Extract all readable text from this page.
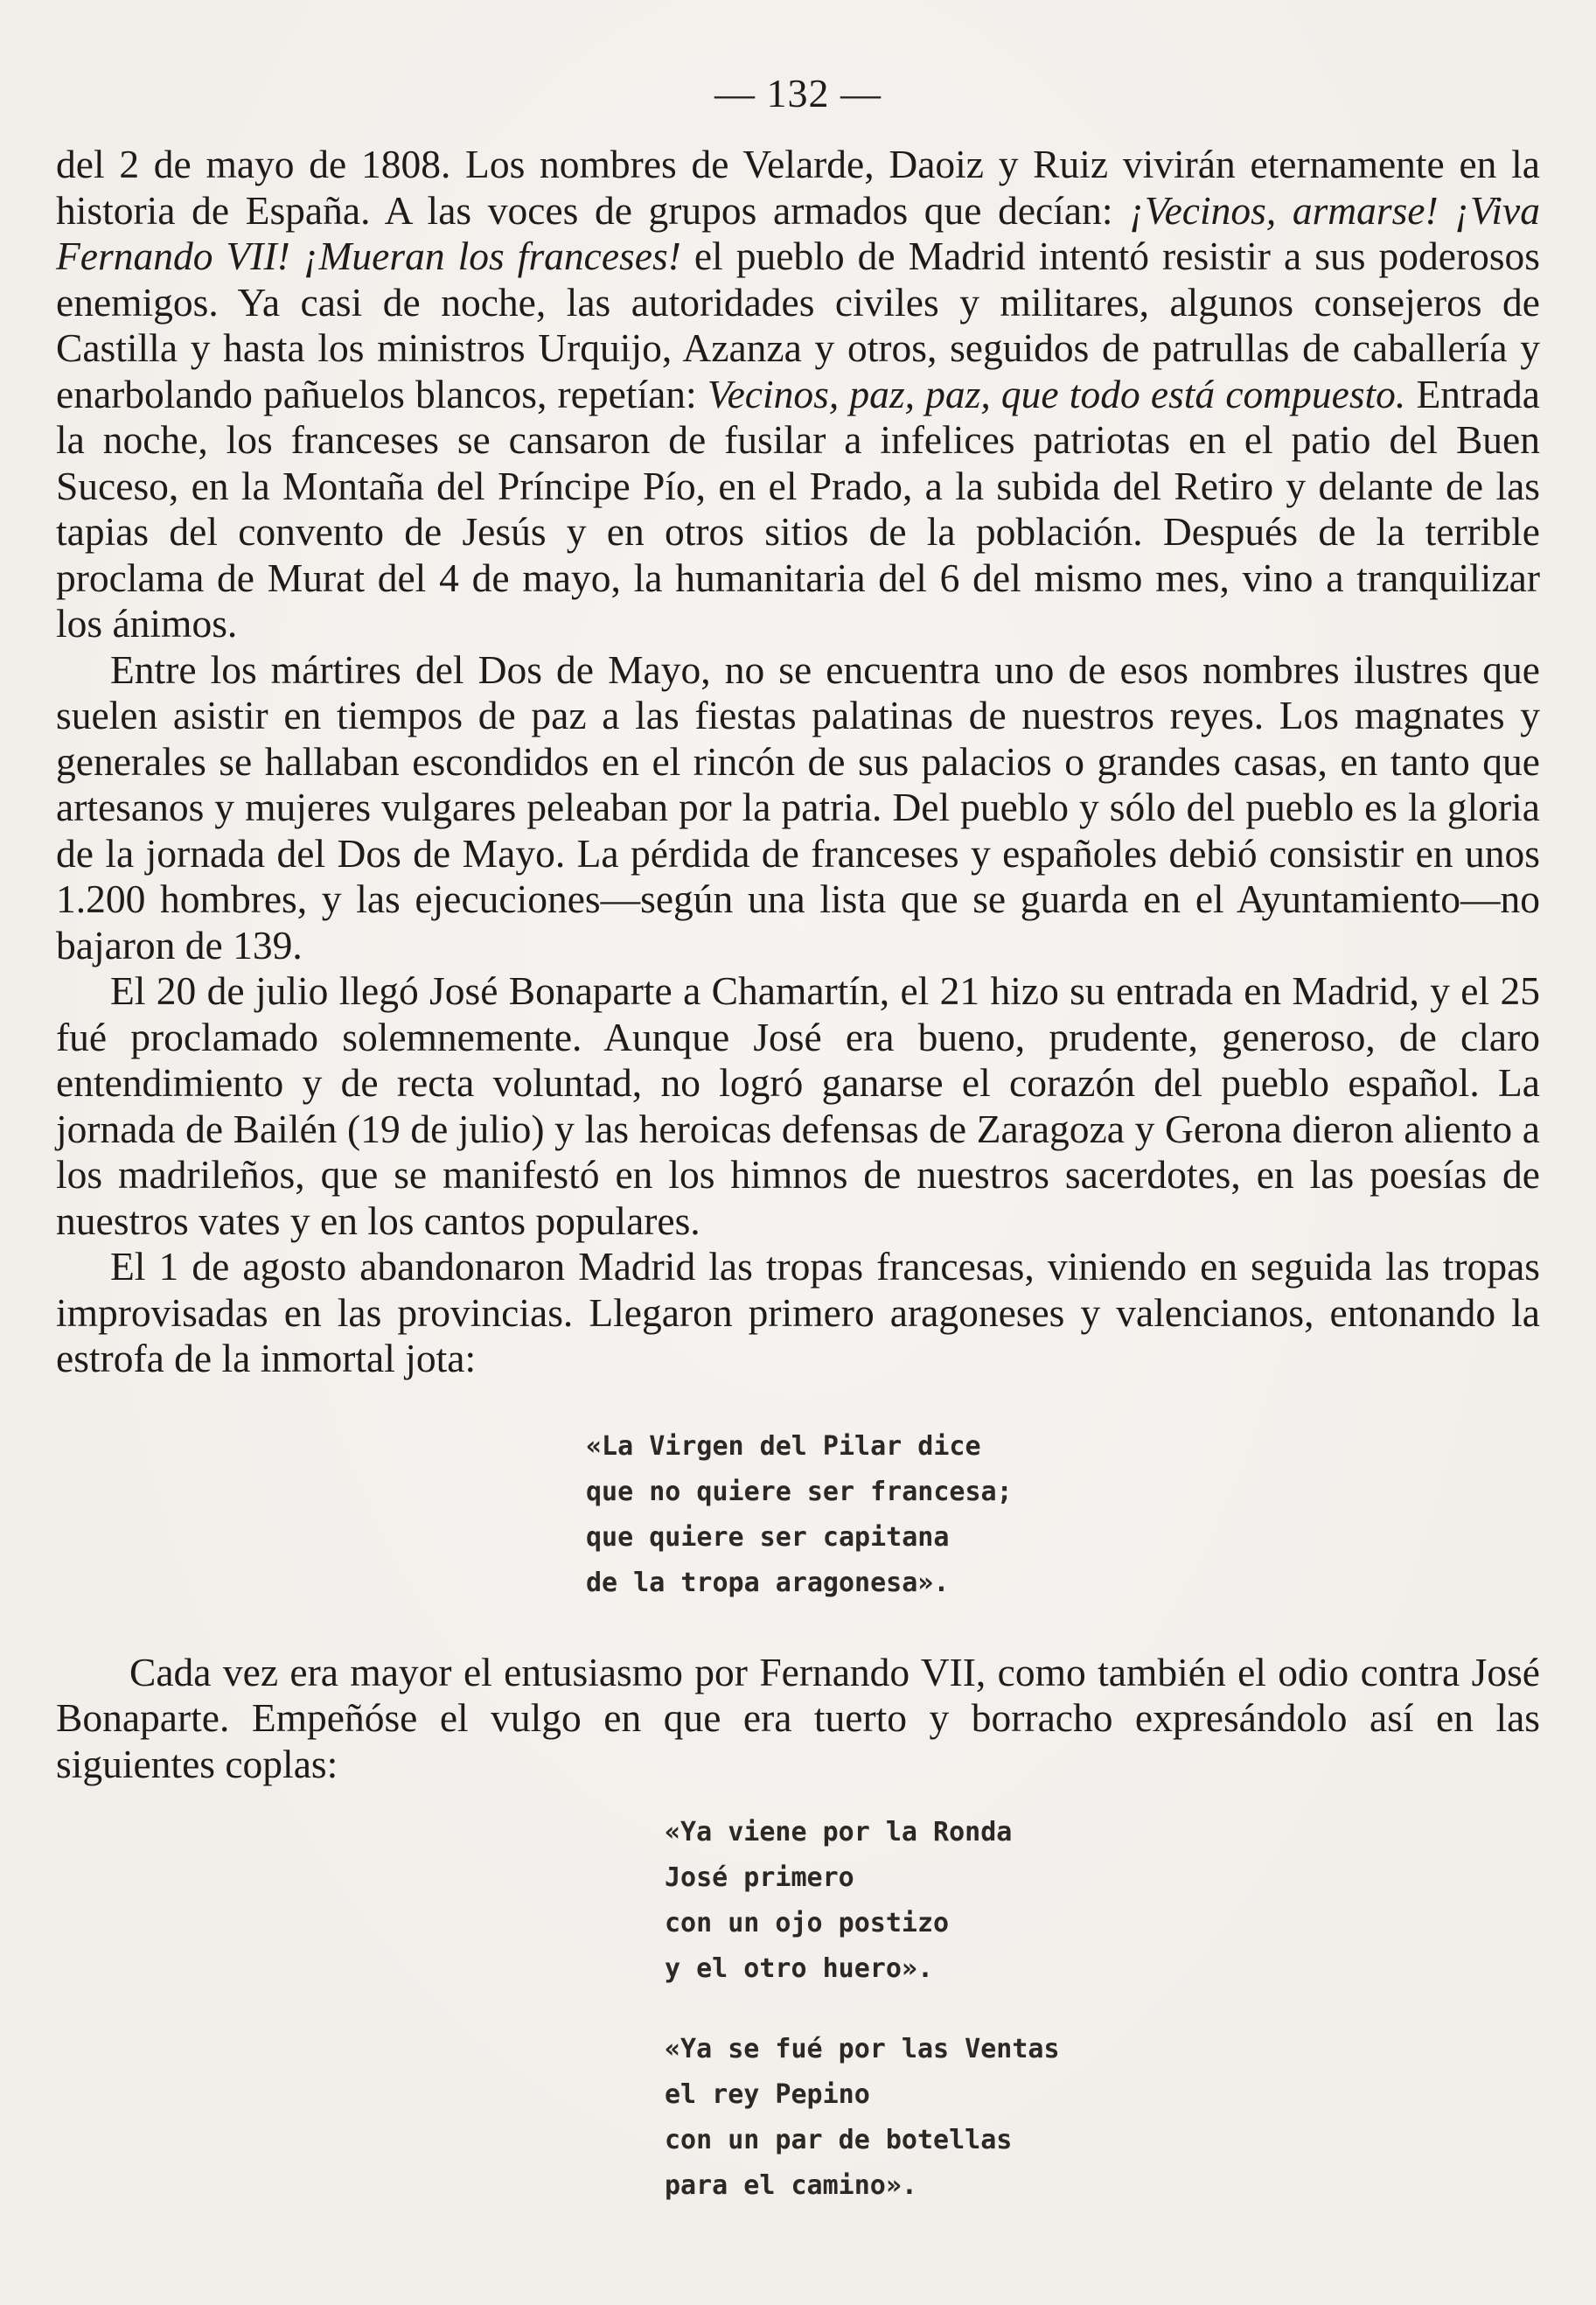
— 132 —

del 2 de mayo de 1808. Los nombres de Velarde, Daoiz y Ruiz vivirán eternamente en la historia de España. A las voces de grupos armados que decían: ¡Vecinos, armarse! ¡Viva Fernando VII! ¡Mueran los franceses! el pueblo de Madrid intentó resistir a sus poderosos enemigos. Ya casi de noche, las autoridades civiles y militares, algunos consejeros de Castilla y hasta los ministros Urquijo, Azanza y otros, seguidos de patrullas de caballería y enarbolando pañuelos blancos, repetían: Vecinos, paz, paz, que todo está compuesto. Entrada la noche, los franceses se cansaron de fusilar a infelices patriotas en el patio del Buen Suceso, en la Montaña del Príncipe Pío, en el Prado, a la subida del Retiro y delante de las tapias del convento de Jesús y en otros sitios de la población. Después de la terrible proclama de Murat del 4 de mayo, la humanitaria del 6 del mismo mes, vino a tranquilizar los ánimos.

Entre los mártires del Dos de Mayo, no se encuentra uno de esos nombres ilustres que suelen asistir en tiempos de paz a las fiestas palatinas de nuestros reyes. Los magnates y generales se hallaban escondidos en el rincón de sus palacios o grandes casas, en tanto que artesanos y mujeres vulgares peleaban por la patria. Del pueblo y sólo del pueblo es la gloria de la jornada del Dos de Mayo. La pérdida de franceses y españoles debió consistir en unos 1.200 hombres, y las ejecuciones—según una lista que se guarda en el Ayuntamiento—no bajaron de 139.

El 20 de julio llegó José Bonaparte a Chamartín, el 21 hizo su entrada en Madrid, y el 25 fué proclamado solemnemente. Aunque José era bueno, prudente, generoso, de claro entendimiento y de recta voluntad, no logró ganarse el corazón del pueblo español. La jornada de Bailén (19 de julio) y las heroicas defensas de Zaragoza y Gerona dieron aliento a los madrileños, que se manifestó en los himnos de nuestros sacerdotes, en las poesías de nuestros vates y en los cantos populares.

El 1 de agosto abandonaron Madrid las tropas francesas, viniendo en seguida las tropas improvisadas en las provincias. Llegaron primero aragoneses y valencianos, entonando la estrofa de la inmortal jota:

«La Virgen del Pilar dice
que no quiere ser francesa;
que quiere ser capitana
de la tropa aragonesa».

Cada vez era mayor el entusiasmo por Fernando VII, como también el odio contra José Bonaparte. Empeñóse el vulgo en que era tuerto y borracho expresándolo así en las siguientes coplas:

«Ya viene por la Ronda
José primero
con un ojo postizo
y el otro huero».
«Ya se fué por las Ventas
el rey Pepino
con un par de botellas
para el camino».
